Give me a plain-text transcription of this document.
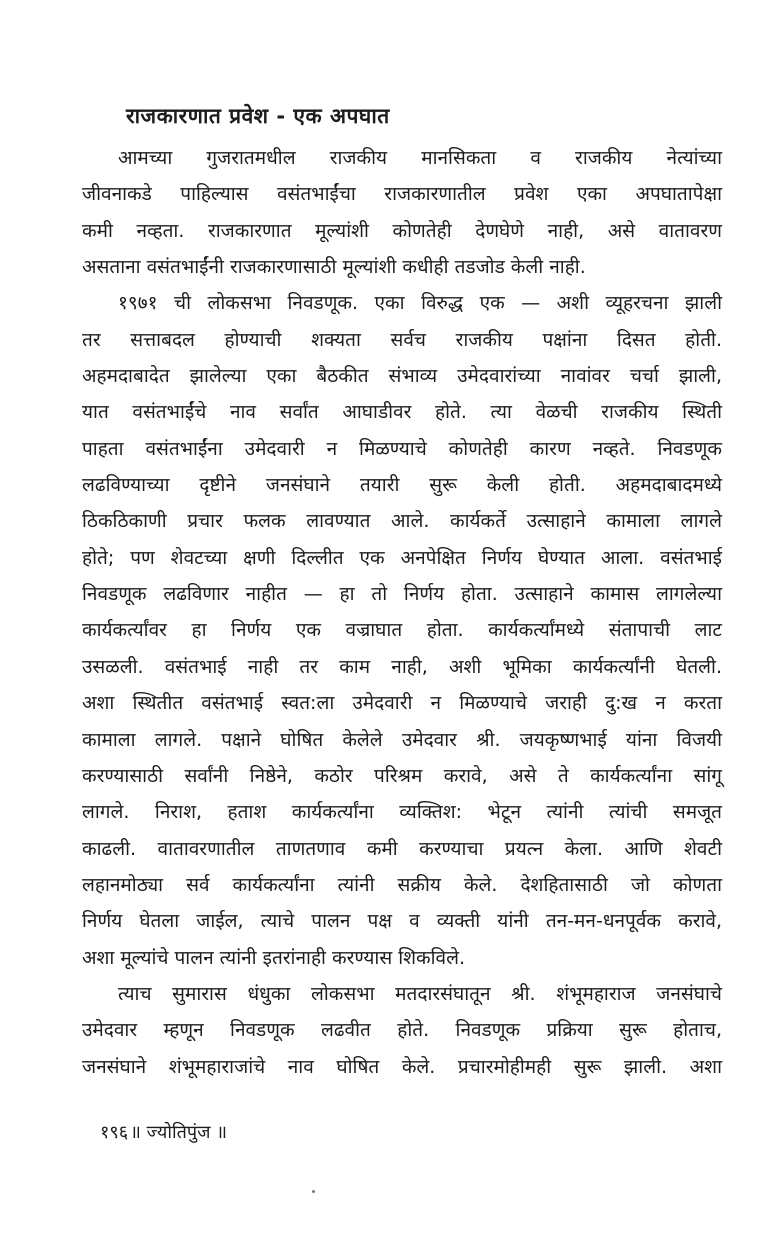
राजकारणात प्रवेश - एक अपघात
आमच्या गुजरातमधील राजकीय मानसिकता व राजकीय नेत्यांच्या
जीवनाकडे पाहिल्यास वसंतभाईंचा राजकारणातील प्रवेश एका अपघातापेक्षा
कमी नव्हता. राजकारणात मूल्यांशी कोणतेही देणघेणे नाही, असे वातावरण
असताना वसंतभाईंनी राजकारणासाठी मूल्यांशी कधीही तडजोड केली नाही.
१९७१ ची लोकसभा निवडणूक. एका विरुद्ध एक — अशी व्यूहरचना झाली
तर सत्ताबदल होण्याची शक्यता सर्वच राजकीय पक्षांना दिसत होती.
अहमदाबादेत झालेल्या एका बैठकीत संभाव्य उमेदवारांच्या नावांवर चर्चा झाली,
यात वसंतभाईंचे नाव सर्वांत आघाडीवर होते. त्या वेळची राजकीय स्थिती
पाहता वसंतभाईंना उमेदवारी न मिळण्याचे कोणतेही कारण नव्हते. निवडणूक
लढविण्याच्या दृष्टीने जनसंघाने तयारी सुरू केली होती. अहमदाबादमध्ये
ठिकठिकाणी प्रचार फलक लावण्यात आले. कार्यकर्ते उत्साहाने कामाला लागले
होते; पण शेवटच्या क्षणी दिल्लीत एक अनपेक्षित निर्णय घेण्यात आला. वसंतभाई
निवडणूक लढविणार नाहीत — हा तो निर्णय होता. उत्साहाने कामास लागलेल्या
कार्यकर्त्यांवर हा निर्णय एक वज्राघात होता. कार्यकर्त्यांमध्ये संतापाची लाट
उसळली. वसंतभाई नाही तर काम नाही, अशी भूमिका कार्यकर्त्यांनी घेतली.
अशा स्थितीत वसंतभाई स्वत:ला उमेदवारी न मिळण्याचे जराही दु:ख न करता
कामाला लागले. पक्षाने घोषित केलेले उमेदवार श्री. जयकृष्णभाई यांना विजयी
करण्यासाठी सर्वांनी निष्ठेने, कठोर परिश्रम करावे, असे ते कार्यकर्त्यांना सांगू
लागले. निराश, हताश कार्यकर्त्यांना व्यक्तिश: भेटून त्यांनी त्यांची समजूत
काढली. वातावरणातील ताणतणाव कमी करण्याचा प्रयत्न केला. आणि शेवटी
लहानमोठ्या सर्व कार्यकर्त्यांना त्यांनी सक्रीय केले. देशहितासाठी जो कोणता
निर्णय घेतला जाईल, त्याचे पालन पक्ष व व्यक्ती यांनी तन-मन-धनपूर्वक करावे,
अशा मूल्यांचे पालन त्यांनी इतरांनाही करण्यास शिकविले.
त्याच सुमारास धंधुका लोकसभा मतदारसंघातून श्री. शंभूमहाराज जनसंघाचे
उमेदवार म्हणून निवडणूक लढवीत होते. निवडणूक प्रक्रिया सुरू होताच,
जनसंघाने शंभूमहाराजांचे नाव घोषित केले. प्रचारमोहीमही सुरू झाली. अशा
१९६ ॥ ज्योतिपुंज ॥
